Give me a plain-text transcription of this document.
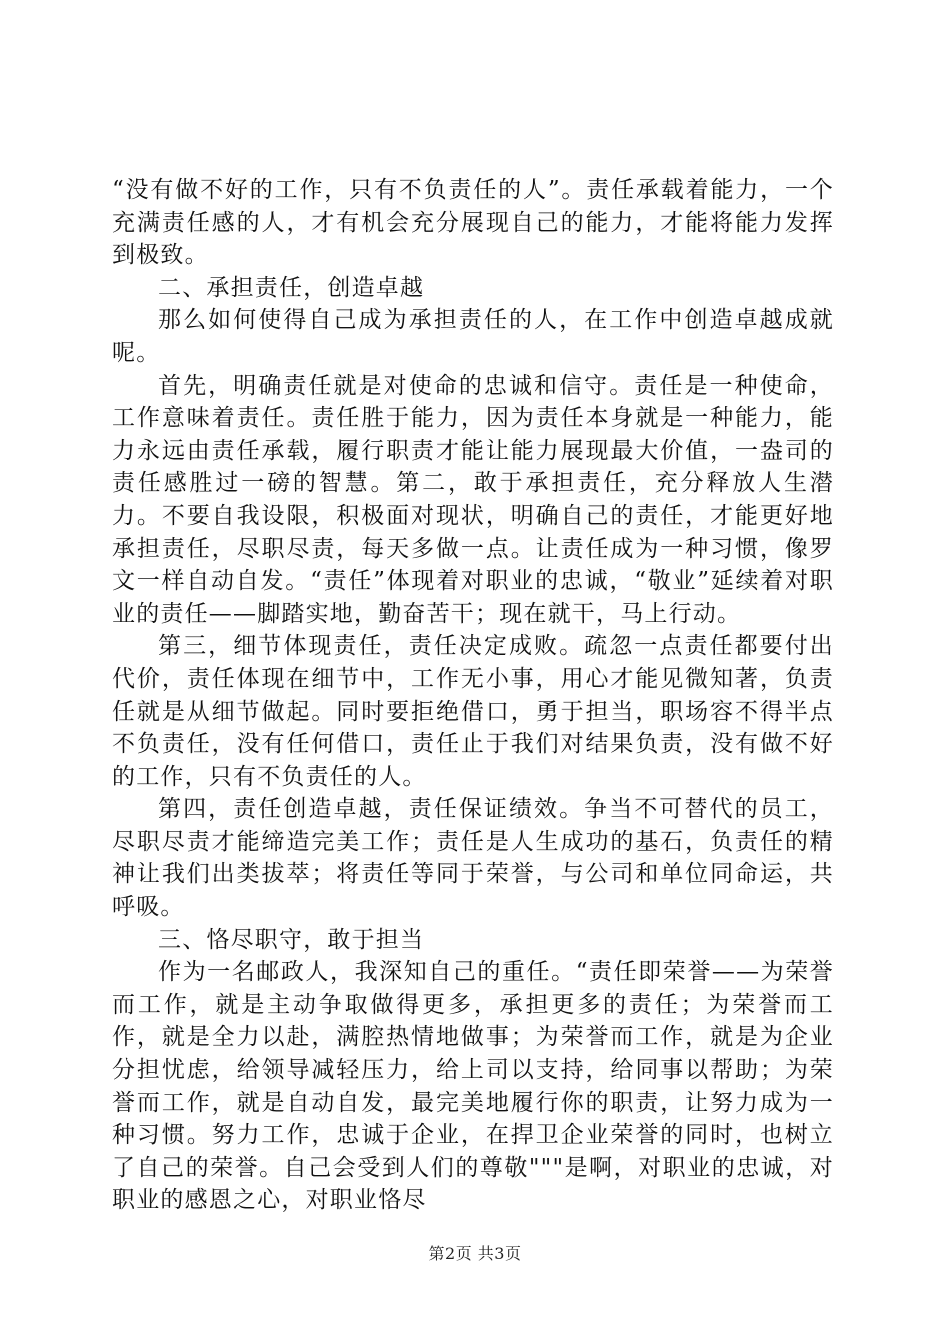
“没有做不好的工作，只有不负责任的人”。责任承载着能力，一个充满责任感的人，才有机会充分展现自己的能力，才能将能力发挥到极致。

二、承担责任，创造卓越

那么如何使得自己成为承担责任的人，在工作中创造卓越成就呢。

首先，明确责任就是对使命的忠诚和信守。责任是一种使命，工作意味着责任。责任胜于能力，因为责任本身就是一种能力，能力永远由责任承载，履行职责才能让能力展现最大价值，一盎司的责任感胜过一磅的智慧。第二，敢于承担责任，充分释放人生潜力。不要自我设限，积极面对现状，明确自己的责任，才能更好地承担责任，尽职尽责，每天多做一点。让责任成为一种习惯，像罗文一样自动自发。“责任”体现着对职业的忠诚，“敬业”延续着对职业的责任——脚踏实地，勤奋苦干；现在就干，马上行动。

第三，细节体现责任，责任决定成败。疏忽一点责任都要付出代价，责任体现在细节中，工作无小事，用心才能见微知著，负责任就是从细节做起。同时要拒绝借口，勇于担当，职场容不得半点不负责任，没有任何借口，责任止于我们对结果负责，没有做不好的工作，只有不负责任的人。

第四，责任创造卓越，责任保证绩效。争当不可替代的员工，尽职尽责才能缔造完美工作；责任是人生成功的基石，负责任的精神让我们出类拔萃；将责任等同于荣誉，与公司和单位同命运，共呼吸。

三、恪尽职守，敢于担当

作为一名邮政人，我深知自己的重任。“责任即荣誉——为荣誉而工作，就是主动争取做得更多，承担更多的责任；为荣誉而工作，就是全力以赴，满腔热情地做事；为荣誉而工作，就是为企业分担忧虑，给领导减轻压力，给上司以支持，给同事以帮助；为荣誉而工作，就是自动自发，最完美地履行你的职责，让努力成为一种习惯。努力工作，忠诚于企业，在捍卫企业荣誉的同时，也树立了自己的荣誉。自己会受到人们的尊敬"""是啊，对职业的忠诚，对职业的感恩之心，对职业恪尽

第2页 共3页
